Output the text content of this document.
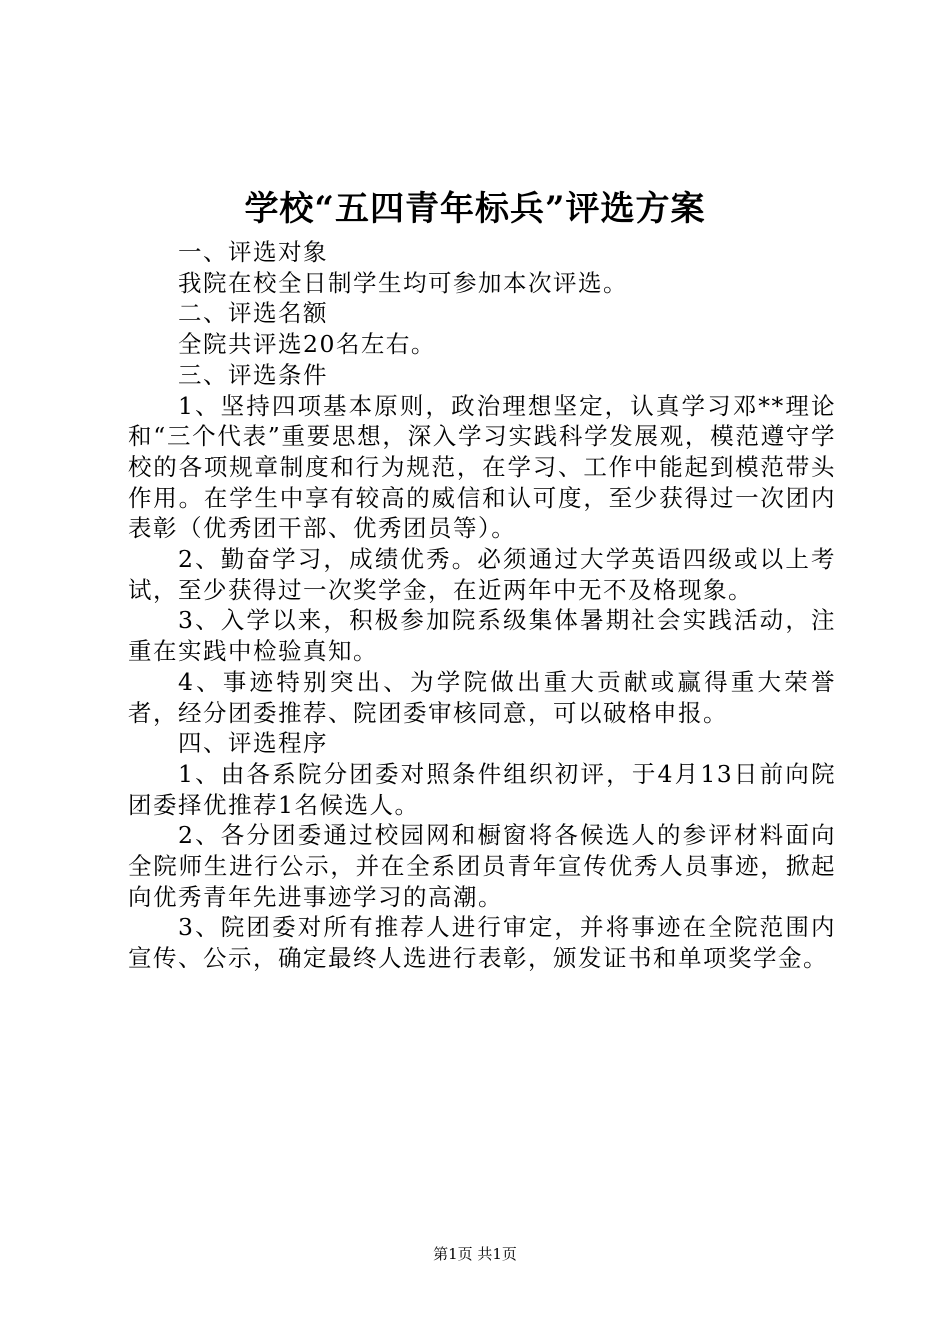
学校“五四青年标兵”评选方案

一、评选对象

我院在校全日制学生均可参加本次评选。

二、评选名额

全院共评选20名左右。

三、评选条件

1、坚持四项基本原则，政治理想坚定，认真学习邓**理论和“三个代表”重要思想，深入学习实践科学发展观，模范遵守学校的各项规章制度和行为规范，在学习、工作中能起到模范带头作用。在学生中享有较高的威信和认可度，至少获得过一次团内表彰（优秀团干部、优秀团员等）。

2、勤奋学习，成绩优秀。必须通过大学英语四级或以上考试，至少获得过一次奖学金，在近两年中无不及格现象。

3、入学以来，积极参加院系级集体暑期社会实践活动，注重在实践中检验真知。

4、事迹特别突出、为学院做出重大贡献或赢得重大荣誉者，经分团委推荐、院团委审核同意，可以破格申报。

四、评选程序

1、由各系院分团委对照条件组织初评，于4月13日前向院团委择优推荐1名候选人。

2、各分团委通过校园网和橱窗将各候选人的参评材料面向全院师生进行公示，并在全系团员青年宣传优秀人员事迹，掀起向优秀青年先进事迹学习的高潮。

3、院团委对所有推荐人进行审定，并将事迹在全院范围内宣传、公示，确定最终人选进行表彰，颁发证书和单项奖学金。

第1页 共1页
